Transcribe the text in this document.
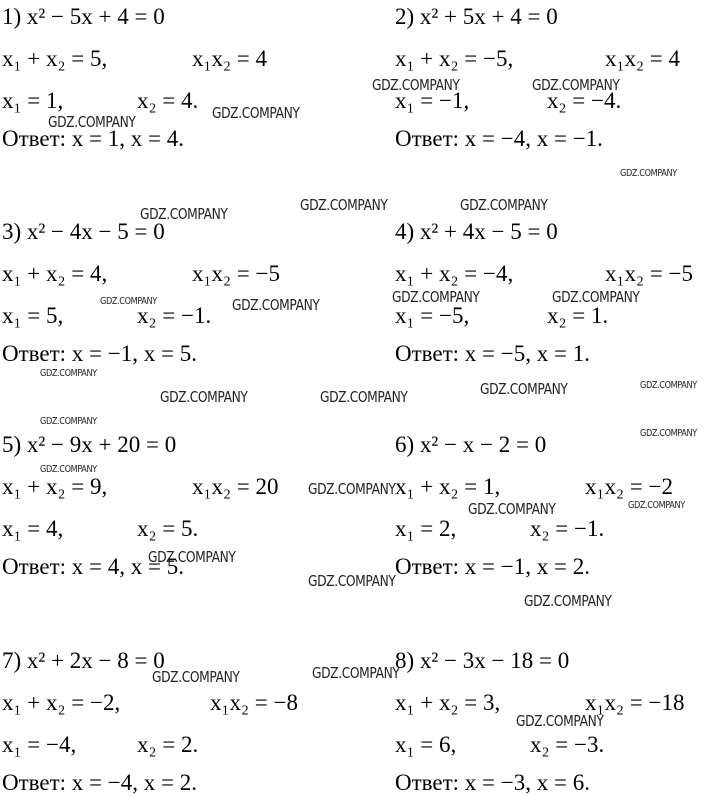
1) x² − 5x + 4 = 0
x₁ + x₂ = 5,	x₁x₂ = 4
x₁ = 1,	x₂ = 4.
Ответ: x = 1, x = 4.
2) x² + 5x + 4 = 0
x₁ + x₂ = −5,	x₁x₂ = 4
x₁ = −1,	x₂ = −4.
Ответ: x = −4, x = −1.
3) x² − 4x − 5 = 0
x₁ + x₂ = 4,	x₁x₂ = −5
x₁ = 5,	x₂ = −1.
Ответ: x = −1, x = 5.
4) x² + 4x − 5 = 0
x₁ + x₂ = −4,	x₁x₂ = −5
x₁ = −5,	x₂ = 1.
Ответ: x = −5, x = 1.
5) x² − 9x + 20 = 0
x₁ + x₂ = 9,	x₁x₂ = 20
x₁ = 4,	x₂ = 5.
Ответ: x = 4, x = 5.
6) x² − x − 2 = 0
x₁ + x₂ = 1,	x₁x₂ = −2
x₁ = 2,	x₂ = −1.
Ответ: x = −1, x = 2.
7) x² + 2x − 8 = 0
x₁ + x₂ = −2,	x₁x₂ = −8
x₁ = −4,	x₂ = 2.
Ответ: x = −4, x = 2.
8) x² − 3x − 18 = 0
x₁ + x₂ = 3,	x₁x₂ = −18
x₁ = 6,	x₂ = −3.
Ответ: x = −3, x = 6.
GDZ.COMPANY	GDZ.COMPANY
GDZ.COMPANY	GDZ.COMPANY
GDZ.COMPANY
GDZ.COMPANY	GDZ.COMPANY
GDZ.COMPANY
GDZ.COMPANY	GDZ.COMPANY
GDZ.COMPANY	GDZ.COMPANY
GDZ.COMPANY
GDZ.COMPANY	GDZ.COMPANY
GDZ.COMPANY	GDZ.COMPANY
GDZ.COMPANY
GDZ.COMPANY
GDZ.COMPANY
GDZ.COMPANY
GDZ.COMPANY	GDZ.COMPANY
GDZ.COMPANY
GDZ.COMPANY
GDZ.COMPANY
GDZ.COMPANY	GDZ.COMPANY
GDZ.COMPANY
